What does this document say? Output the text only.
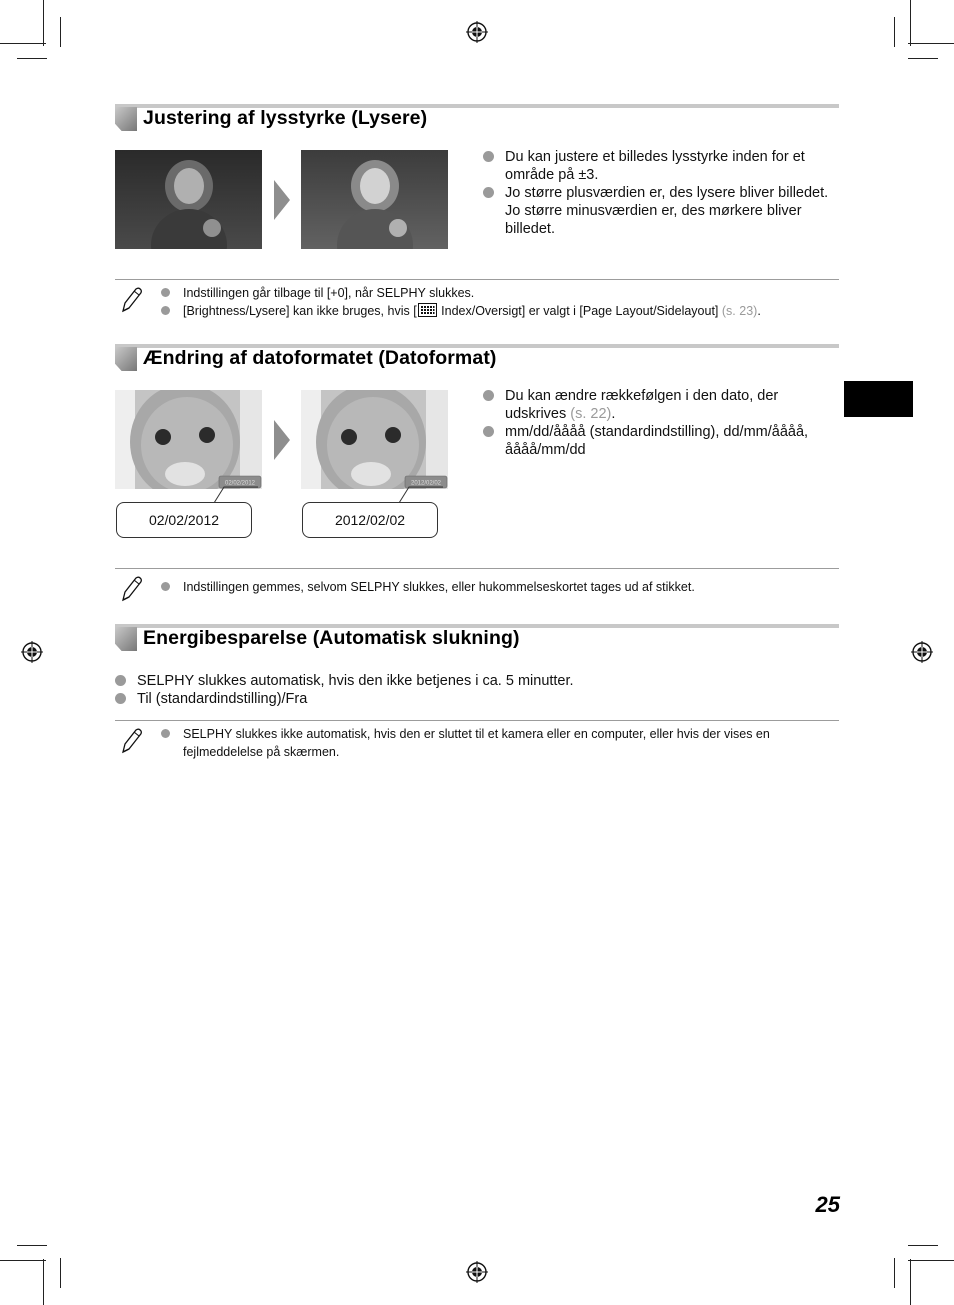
Justering af lysstyrke (Lysere)
Du kan justere et billedes lysstyrke inden for et område på ±3.
Jo større plusværdien er, des lysere bliver billedet. Jo større minusværdien er, des mørkere bliver billedet.
Indstillingen går tilbage til [+0], når SELPHY slukkes.
[Brightness/Lysere] kan ikke bruges, hvis [ Index/Oversigt] er valgt i [Page Layout/Sidelayout] (s. 23).
Ændring af datoformatet (Datoformat)
02/02/2012	2012/02/02
02/02/2012	2012/02/02
Du kan ændre rækkefølgen i den dato, der udskrives (s. 22).
mm/dd/åååå (standardindstilling), dd/mm/åååå, åååå/mm/dd
Indstillingen gemmes, selvom SELPHY slukkes, eller hukommelseskortet tages ud af stikket.
Energibesparelse (Automatisk slukning)
SELPHY slukkes automatisk, hvis den ikke betjenes i ca. 5 minutter.
Til (standardindstilling)/Fra
SELPHY slukkes ikke automatisk, hvis den er sluttet til et kamera eller en computer, eller hvis der vises en fejlmeddelelse på skærmen.
25
